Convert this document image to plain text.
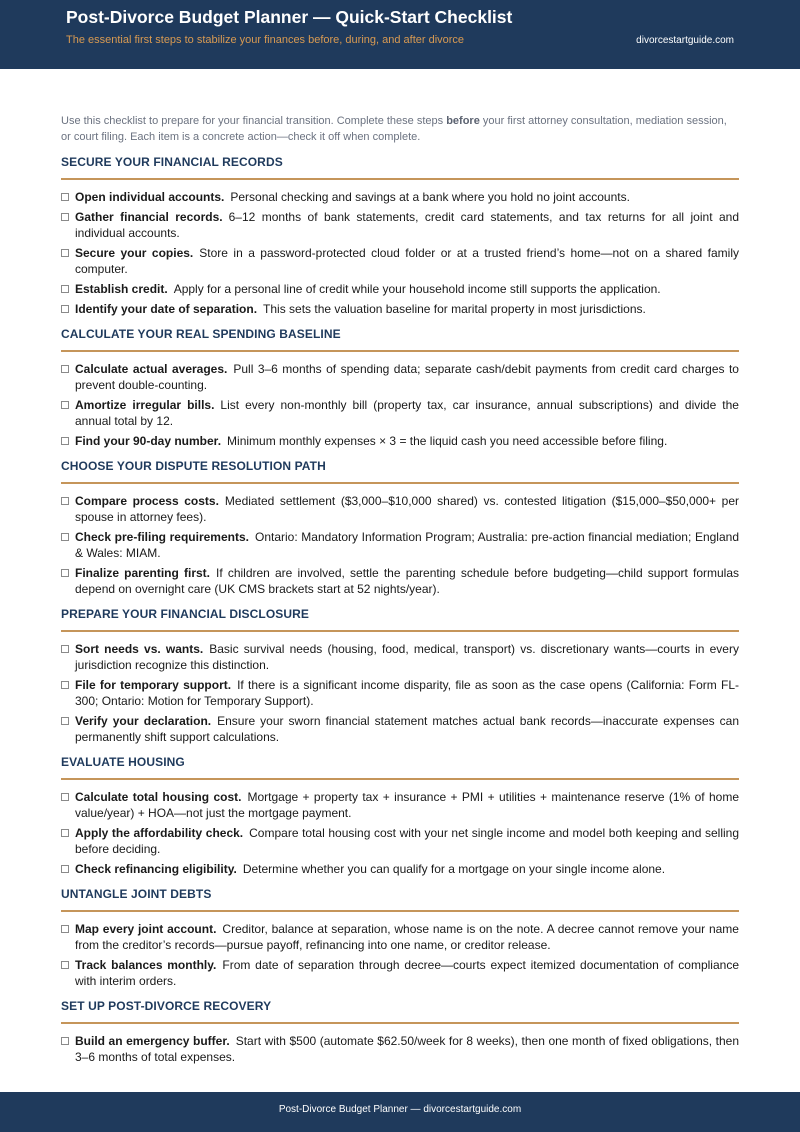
Post-Divorce Budget Planner — Quick-Start Checklist
The essential first steps to stabilize your finances before, during, and after divorce	divorcestartguide.com

Use this checklist to prepare for your financial transition. Complete these steps before your first attorney consultation, mediation session, or court filing. Each item is a concrete action—check it off when complete.

SECURE YOUR FINANCIAL RECORDS
Open individual accounts. Personal checking and savings at a bank where you hold no joint accounts.
Gather financial records. 6–12 months of bank statements, credit card statements, and tax returns for all joint and individual accounts.
Secure your copies. Store in a password-protected cloud folder or at a trusted friend’s home—not on a shared family computer.
Establish credit. Apply for a personal line of credit while your household income still supports the application.
Identify your date of separation. This sets the valuation baseline for marital property in most jurisdictions.
CALCULATE YOUR REAL SPENDING BASELINE
Calculate actual averages. Pull 3–6 months of spending data; separate cash/debit payments from credit card charges to prevent double-counting.
Amortize irregular bills. List every non-monthly bill (property tax, car insurance, annual subscriptions) and divide the annual total by 12.
Find your 90-day number. Minimum monthly expenses × 3 = the liquid cash you need accessible before filing.
CHOOSE YOUR DISPUTE RESOLUTION PATH
Compare process costs. Mediated settlement ($3,000–$10,000 shared) vs. contested litigation ($15,000–$50,000+ per spouse in attorney fees).
Check pre-filing requirements. Ontario: Mandatory Information Program; Australia: pre-action financial mediation; England & Wales: MIAM.
Finalize parenting first. If children are involved, settle the parenting schedule before budgeting—child support formulas depend on overnight care (UK CMS brackets start at 52 nights/year).
PREPARE YOUR FINANCIAL DISCLOSURE
Sort needs vs. wants. Basic survival needs (housing, food, medical, transport) vs. discretionary wants—courts in every jurisdiction recognize this distinction.
File for temporary support. If there is a significant income disparity, file as soon as the case opens (California: Form FL-300; Ontario: Motion for Temporary Support).
Verify your declaration. Ensure your sworn financial statement matches actual bank records—inaccurate expenses can permanently shift support calculations.
EVALUATE HOUSING
Calculate total housing cost. Mortgage + property tax + insurance + PMI + utilities + maintenance reserve (1% of home value/year) + HOA—not just the mortgage payment.
Apply the affordability check. Compare total housing cost with your net single income and model both keeping and selling before deciding.
Check refinancing eligibility. Determine whether you can qualify for a mortgage on your single income alone.
UNTANGLE JOINT DEBTS
Map every joint account. Creditor, balance at separation, whose name is on the note. A decree cannot remove your name from the creditor’s records—pursue payoff, refinancing into one name, or creditor release.
Track balances monthly. From date of separation through decree—courts expect itemized documentation of compliance with interim orders.
SET UP POST-DIVORCE RECOVERY
Build an emergency buffer. Start with $500 (automate $62.50/week for 8 weeks), then one month of fixed obligations, then 3–6 months of total expenses.
Post-Divorce Budget Planner — divorcestartguide.com
